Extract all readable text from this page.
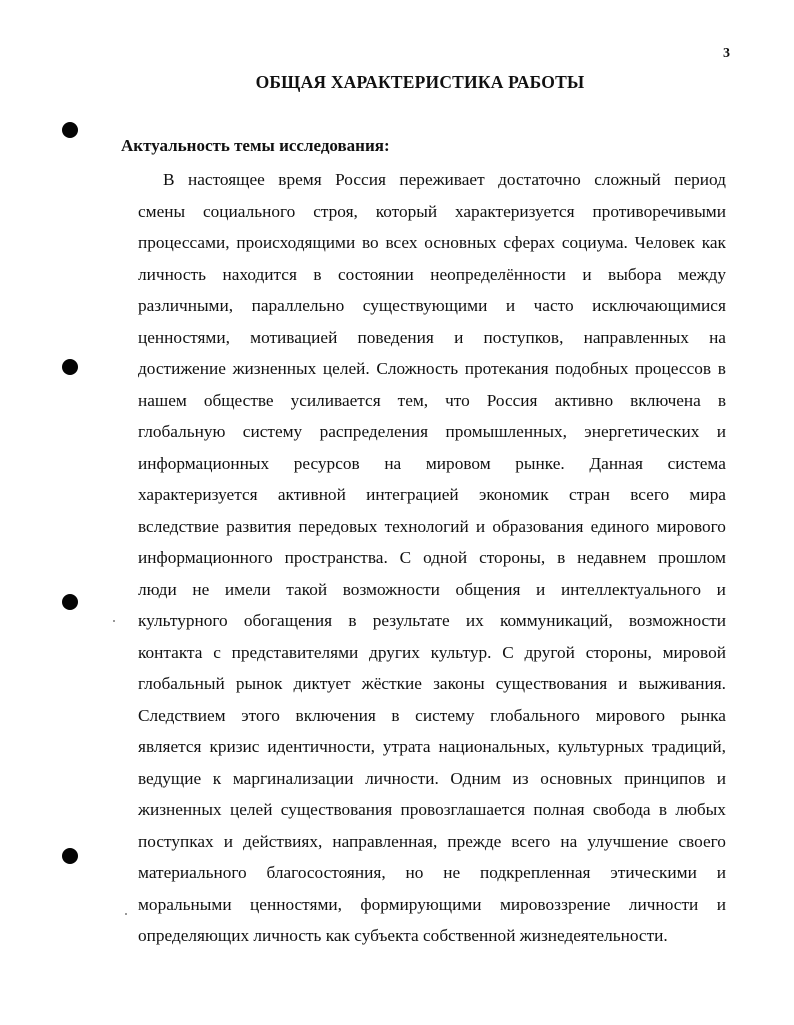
3
ОБЩАЯ ХАРАКТЕРИСТИКА РАБОТЫ
Актуальность темы исследования:
В настоящее время Россия переживает достаточно сложный период
смены социального строя, который характеризуется противоречивыми
процессами, происходящими во всех основных сферах социума. Человек как
личность находится в состоянии неопределённости и выбора между
различными, параллельно существующими и часто исключающимися
ценностями, мотивацией поведения и поступков, направленных на
достижение жизненных целей. Сложность протекания подобных процессов в
нашем обществе усиливается тем, что Россия активно включена в
глобальную систему распределения промышленных, энергетических и
информационных ресурсов на мировом рынке. Данная система
характеризуется активной интеграцией экономик стран всего мира
вследствие развития передовых технологий и образования единого мирового
информационного пространства. С одной стороны, в недавнем прошлом
люди не имели такой возможности общения и интеллектуального и
культурного обогащения в результате их коммуникаций, возможности
контакта с представителями других культур. С другой стороны, мировой
глобальный рынок диктует жёсткие законы существования и выживания.
Следствием этого включения в систему глобального мирового рынка
является кризис идентичности, утрата национальных, культурных традиций,
ведущие к маргинализации личности. Одним из основных принципов и
жизненных целей существования провозглашается полная свобода в любых
поступках и действиях, направленная, прежде всего на улучшение своего
материального благосостояния, но не подкрепленная этическими и
моральными ценностями, формирующими мировоззрение личности и
определяющих личность как субъекта собственной жизнедеятельности.
